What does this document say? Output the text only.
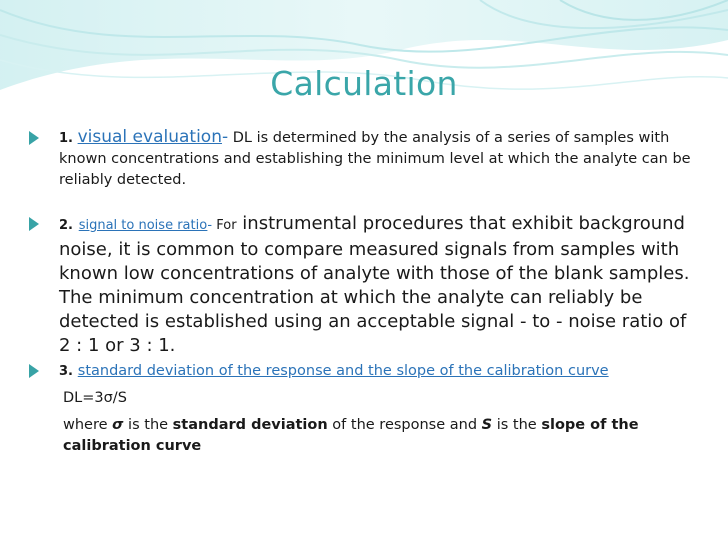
Calculation
1. visual evaluation- DL is determined by the analysis of a series of samples with known concentrations and establishing the minimum level at which the analyte can be reliably detected.
2. signal to noise ratio- For instrumental procedures that exhibit background noise, it is common to compare measured signals from samples with known low concentrations of analyte with those of the blank samples. The minimum concentration at which the analyte can reliably be detected is established using an acceptable signal - to - noise ratio of 2 : 1 or 3 : 1.
3. standard deviation of the response and the slope of the calibration curve
DL=3σ/S
where σ is the standard deviation of the response and S is the slope of the calibration curve
